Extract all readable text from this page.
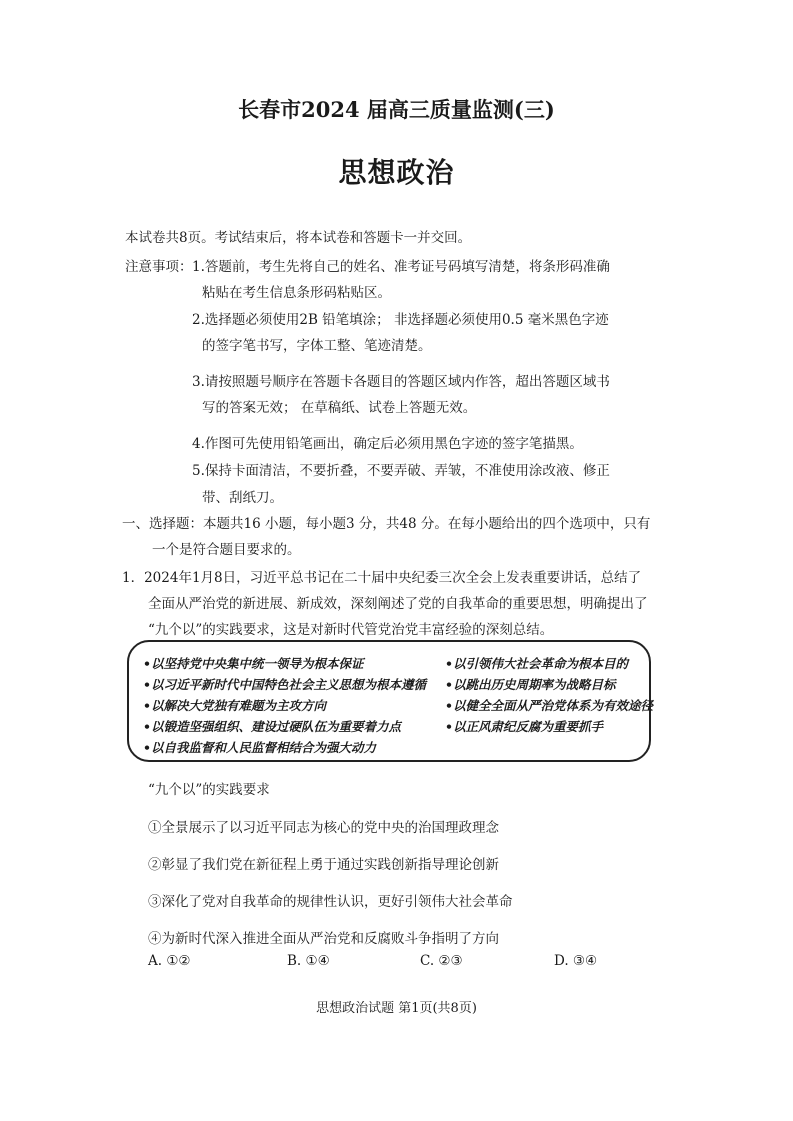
长春市2024 届高三质量监测(三)
思想政治
本试卷共8页。考试结束后，将本试卷和答题卡一并交回。
注意事项： 1.答题前，考生先将自己的姓名、准考证号码填写清楚，将条形码准确
粘贴在考生信息条形码粘贴区。
2.选择题必须使用2B 铅笔填涂； 非选择题必须使用0.5 毫米黑色字迹
的签字笔书写，字体工整、笔迹清楚。
3.请按照题号顺序在答题卡各题目的答题区域内作答，超出答题区域书
写的答案无效； 在草稿纸、试卷上答题无效。
4.作图可先使用铅笔画出，确定后必须用黑色字迹的签字笔描黑。
5.保持卡面清洁，不要折叠，不要弄破、弄皱，不准使用涂改液、修正
带、刮纸刀。
一、选择题：本题共16 小题，每小题3 分，共48 分。在每小题给出的四个选项中，只有
一个是符合题目要求的。
1．2024年1月8日，习近平总书记在二十届中央纪委三次全会上发表重要讲话，总结了
全面从严治党的新进展、新成效，深刻阐述了党的自我革命的重要思想，明确提出了
“九个以”的实践要求，这是对新时代管党治党丰富经验的深刻总结。
•以坚持党中央集中统一领导为根本保证
•以习近平新时代中国特色社会主义思想为根本遵循
•以解决大党独有难题为主攻方向
•以锻造坚强组织、建设过硬队伍为重要着力点
•以自我监督和人民监督相结合为强大动力
•以引领伟大社会革命为根本目的
•以跳出历史周期率为战略目标
•以健全全面从严治党体系为有效途径
•以正风肃纪反腐为重要抓手
“九个以”的实践要求
①全景展示了以习近平同志为核心的党中央的治国理政理念
②彰显了我们党在新征程上勇于通过实践创新指导理论创新
③深化了党对自我革命的规律性认识，更好引领伟大社会革命
④为新时代深入推进全面从严治党和反腐败斗争指明了方向
A. ①②	B. ①④	C. ②③	D. ③④
思想政治试题 第1页(共8页)
